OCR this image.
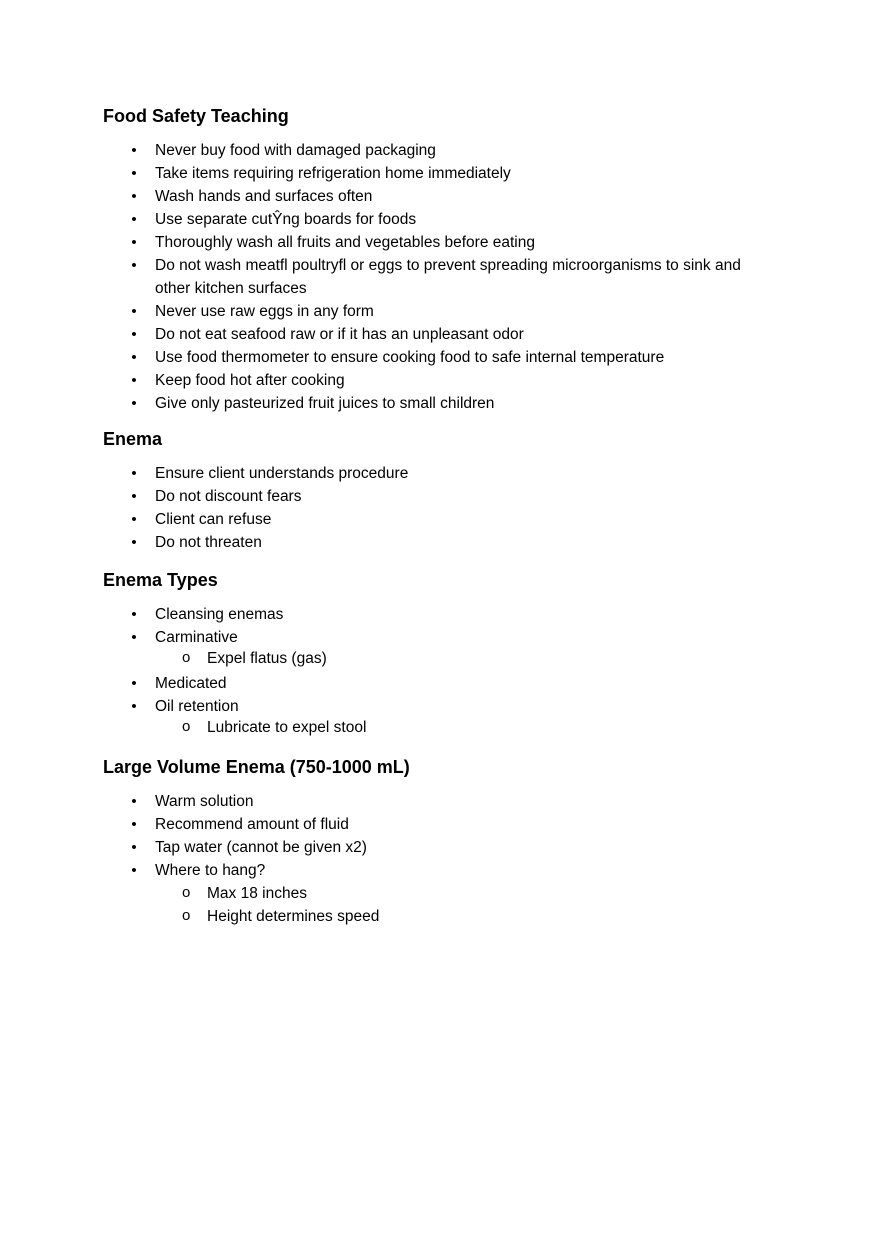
Food Safety Teaching
• Never buy food with damaged packaging
• Take items requiring refrigeration home immediately
• Wash hands and surfaces often
• Use separate cutŶng boards for foods
• Thoroughly wash all fruits and vegetables before eating
• Do not wash meatﬂ poultryﬂ or eggs to prevent spreading microorganisms to sink and other kitchen surfaces
• Never use raw eggs in any form
• Do not eat seafood raw or if it has an unpleasant odor
• Use food thermometer to ensure cooking food to safe internal temperature
• Keep food hot after cooking
• Give only pasteurized fruit juices to small children
Enema
• Ensure client understands procedure
• Do not discount fears
• Client can refuse
• Do not threaten
Enema Types
• Cleansing enemas
• Carminative
o Expel flatus (gas)
• Medicated
• Oil retention
o Lubricate to expel stool
Large Volume Enema (750-1000 mL)
• Warm solution
• Recommend amount of fluid
• Tap water (cannot be given x2)
• Where to hang?
o Max 18 inches
o Height determines speed
